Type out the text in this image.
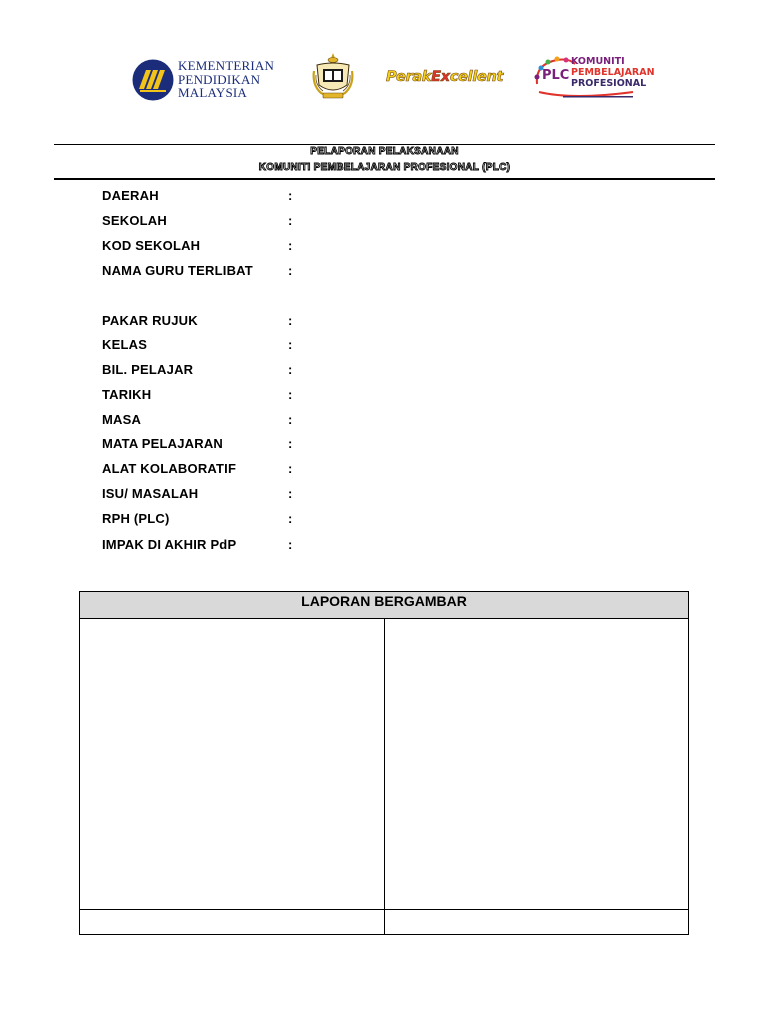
KEMENTERIAN
PENDIDIKAN
MALAYSIA
PerakExcellent	PLC
KOMUNITI
PEMBELAJARAN
PROFESIONAL
PELAPORAN PELAKSANAAN
KOMUNITI PEMBELAJARAN PROFESIONAL (PLC)
DAERAH	:
SEKOLAH	:
KOD SEKOLAH	:
NAMA GURU TERLIBAT	:
PAKAR RUJUK	:
KELAS	:
BIL. PELAJAR	:
TARIKH	:
MASA	:
MATA PELAJARAN	:
ALAT KOLABORATIF	:
ISU/ MASALAH	:
RPH (PLC)	:
IMPAK DI AKHIR PdP	:
LAPORAN BERGAMBAR
